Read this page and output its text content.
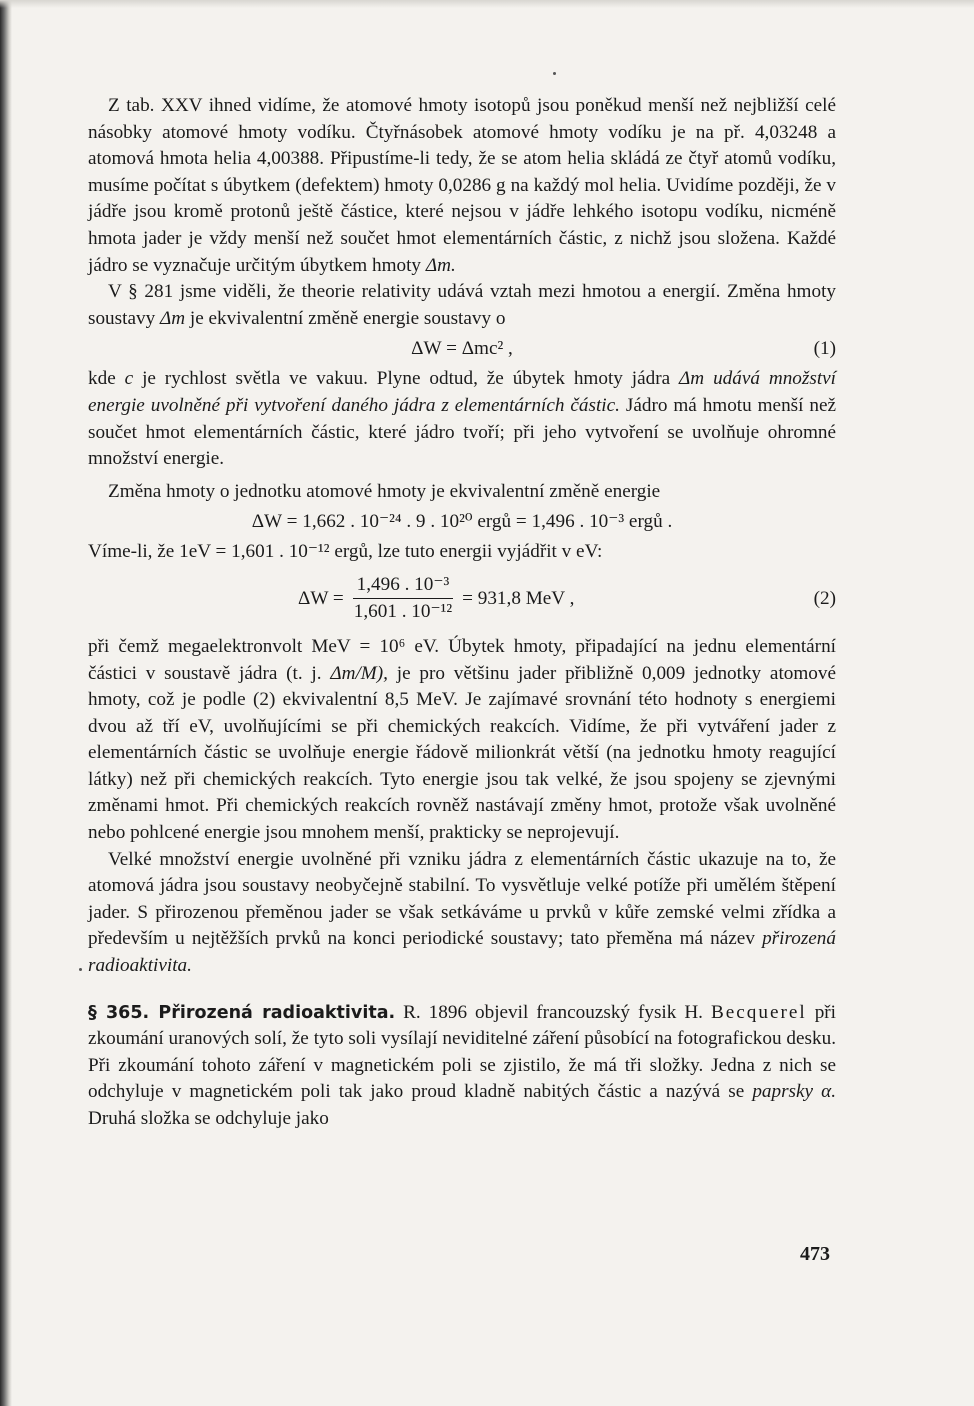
Z tab. XXV ihned vidíme, že atomové hmoty isotopů jsou poněkud menší než nejbližší celé násobky atomové hmoty vodíku. Čtyřnásobek atomové hmoty vodíku je na př. 4,03248 a atomová hmota helia 4,00388. Připustíme-li tedy, že se atom helia skládá ze čtyř atomů vodíku, musíme počítat s úbytkem (defektem) hmoty 0,0286 g na každý mol helia. Uvidíme později, že v jádře jsou kromě protonů ještě částice, které nejsou v jádře lehkého isotopu vodíku, nicméně hmota jader je vždy menší než součet hmot elementárních částic, z nichž jsou složena. Každé jádro se vyznačuje určitým úbytkem hmoty Δm.

V § 281 jsme viděli, že theorie relativity udává vztah mezi hmotou a energií. Změna hmoty soustavy Δm je ekvivalentní změně energie soustavy o

ΔW = Δmc² ,	(1)

kde c je rychlost světla ve vakuu. Plyne odtud, že úbytek hmoty jádra Δm udává množství energie uvolněné při vytvoření daného jádra z elementárních částic. Jádro má hmotu menší než součet hmot elementárních částic, které jádro tvoří; při jeho vytvoření se uvolňuje ohromné množství energie.

Změna hmoty o jednotku atomové hmoty je ekvivalentní změně energie

ΔW = 1,662 . 10⁻²⁴ . 9 . 10²⁰ ergů = 1,496 . 10⁻³ ergů .

Víme-li, že 1eV = 1,601 . 10⁻¹² ergů, lze tuto energii vyjádřit v eV:

$\Delta W = \frac{\text{1,496 . 10⁻³}}{\text{1,601 . 10⁻¹²}} = 931,8$ MeV ,	(2)

při čemž megaelektronvolt MeV = 10⁶ eV. Úbytek hmoty, připadající na jednu elementární částici v soustavě jádra (t. j. Δm/M), je pro většinu jader přibližně 0,009 jednotky atomové hmoty, což je podle (2) ekvivalentní 8,5 MeV. Je zajímavé srovnání této hodnoty s energiemi dvou až tří eV, uvolňujícími se při chemických reakcích. Vidíme, že při vytváření jader z elementárních částic se uvolňuje energie řádově milionkrát větší (na jednotku hmoty reagující látky) než při chemických reakcích. Tyto energie jsou tak velké, že jsou spojeny se zjevnými změnami hmot. Při chemických reakcích rovněž nastávají změny hmot, protože však uvolněné nebo pohlcené energie jsou mnohem menší, prakticky se neprojevují.

Velké množství energie uvolněné při vzniku jádra z elementárních částic ukazuje na to, že atomová jádra jsou soustavy neobyčejně stabilní. To vysvětluje velké potíže při umělém štěpení jader. S přirozenou přeměnou jader se však setkáváme u prvků v kůře zemské velmi zřídka a především u nejtěžších prvků na konci periodické soustavy; tato přeměna má název přirozená radioaktivita.

§ 365. Přirozená radioaktivita. R. 1896 objevil francouzský fysik H. Becquerel při zkoumání uranových solí, že tyto soli vysílají neviditelné záření působící na fotografickou desku. Při zkoumání tohoto záření v magnetickém poli se zjistilo, že má tři složky. Jedna z nich se odchyluje v magnetickém poli tak jako proud kladně nabitých částic a nazývá se paprsky α. Druhá složka se odchyluje jako

473
